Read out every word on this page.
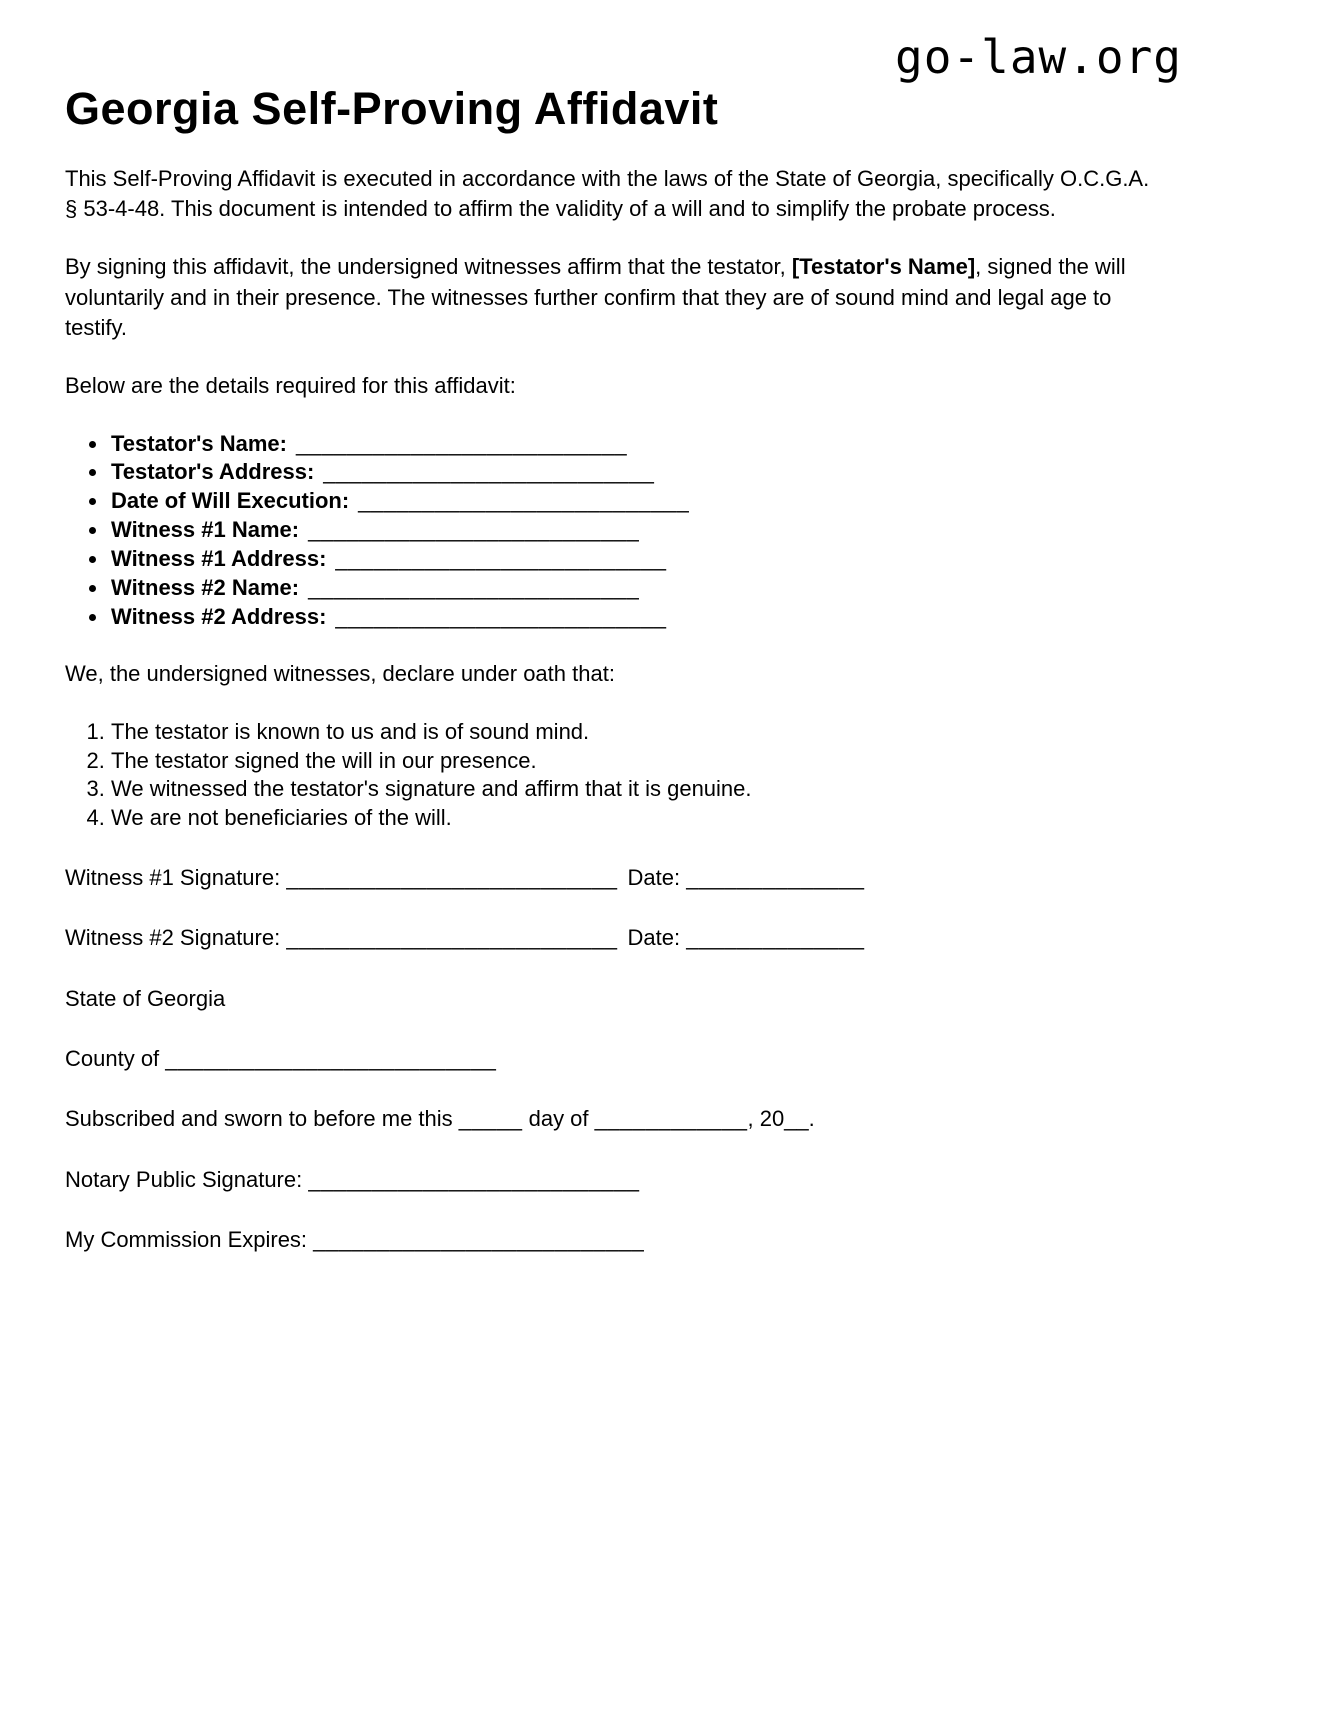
go-law.org
Georgia Self-Proving Affidavit

This Self-Proving Affidavit is executed in accordance with the laws of the State of Georgia, specifically O.C.G.A. § 53-4-48. This document is intended to affirm the validity of a will and to simplify the probate process.

By signing this affidavit, the undersigned witnesses affirm that the testator, [Testator's Name], signed the will voluntarily and in their presence. The witnesses further confirm that they are of sound mind and legal age to testify.

Below are the details required for this affidavit:

• Testator's Name: __________________________
• Testator's Address: __________________________
• Date of Will Execution: __________________________
• Witness #1 Name: __________________________
• Witness #1 Address: __________________________
• Witness #2 Name: __________________________
• Witness #2 Address: __________________________

We, the undersigned witnesses, declare under oath that:

1. The testator is known to us and is of sound mind.
2. The testator signed the will in our presence.
3. We witnessed the testator's signature and affirm that it is genuine.
4. We are not beneficiaries of the will.
Witness #1 Signature: __________________________ Date: ______________
Witness #2 Signature: __________________________ Date: ______________
State of Georgia
County of __________________________
Subscribed and sworn to before me this _____ day of ____________, 20__.
Notary Public Signature: __________________________
My Commission Expires: __________________________
